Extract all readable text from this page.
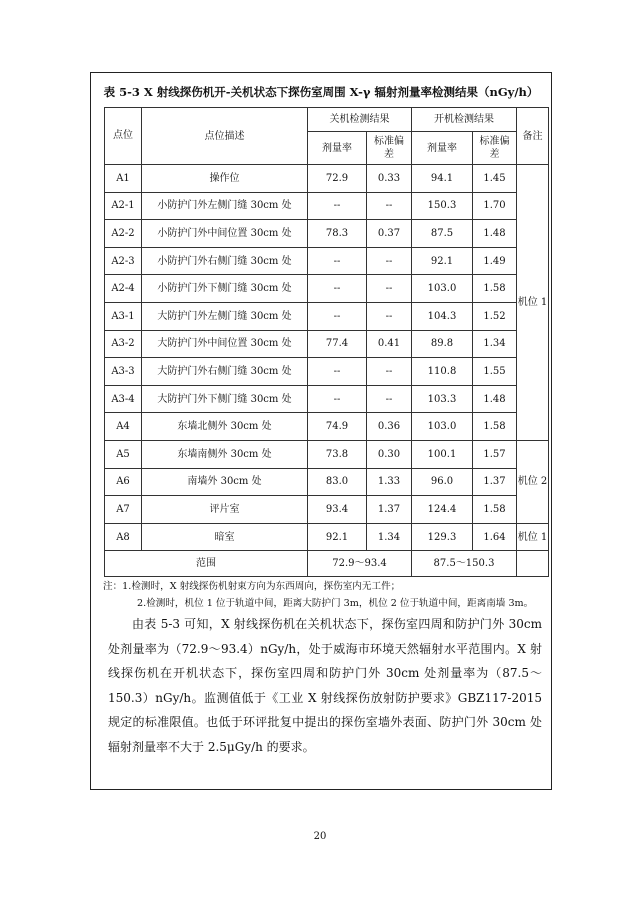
表 5-3 X 射线探伤机开-关机状态下探伤室周围 X-γ 辐射剂量率检测结果（nGy/h）
点位	点位描述	关机检测结果		开机检测结果		备注
		剂量率	标准偏差	剂量率	标准偏差	
A1	操作位	72.9	0.33	94.1	1.45	机位 1
A2-1	小防护门外左侧门缝 30cm 处	--	--	150.3	1.70	
A2-2	小防护门外中间位置 30cm 处	78.3	0.37	87.5	1.48	
A2-3	小防护门外右侧门缝 30cm 处	--	--	92.1	1.49	
A2-4	小防护门外下侧门缝 30cm 处	--	--	103.0	1.58	
A3-1	大防护门外左侧门缝 30cm 处	--	--	104.3	1.52	
A3-2	大防护门外中间位置 30cm 处	77.4	0.41	89.8	1.34	
A3-3	大防护门外右侧门缝 30cm 处	--	--	110.8	1.55	
A3-4	大防护门外下侧门缝 30cm 处	--	--	103.3	1.48	
A4	东墙北侧外 30cm 处	74.9	0.36	103.0	1.58	
A5	东墙南侧外 30cm 处	73.8	0.30	100.1	1.57	机位 2
A6	南墙外 30cm 处	83.0	1.33	96.0	1.37	
A7	评片室	93.4	1.37	124.4	1.58	
A8	暗室	92.1	1.34	129.3	1.64	机位 1
范围		72.9～93.4		87.5～150.3		
注：1.检测时，X 射线探伤机射束方向为东西周向，探伤室内无工件；
2.检测时，机位 1 位于轨道中间，距离大防护门 3m，机位 2 位于轨道中间，距离南墙 3m。
由表 5-3 可知，X 射线探伤机在关机状态下，探伤室四周和防护门外 30cm 处剂量率为（72.9～93.4）nGy/h，处于威海市环境天然辐射水平范围内。X 射线探伤机在开机状态下，探伤室四周和防护门外 30cm 处剂量率为（87.5～150.3）nGy/h。监测值低于《工业 X 射线探伤放射防护要求》GBZ117-2015 规定的标准限值。也低于环评批复中提出的探伤室墙外表面、防护门外 30cm 处辐射剂量率不大于 2.5μGy/h 的要求。
20
